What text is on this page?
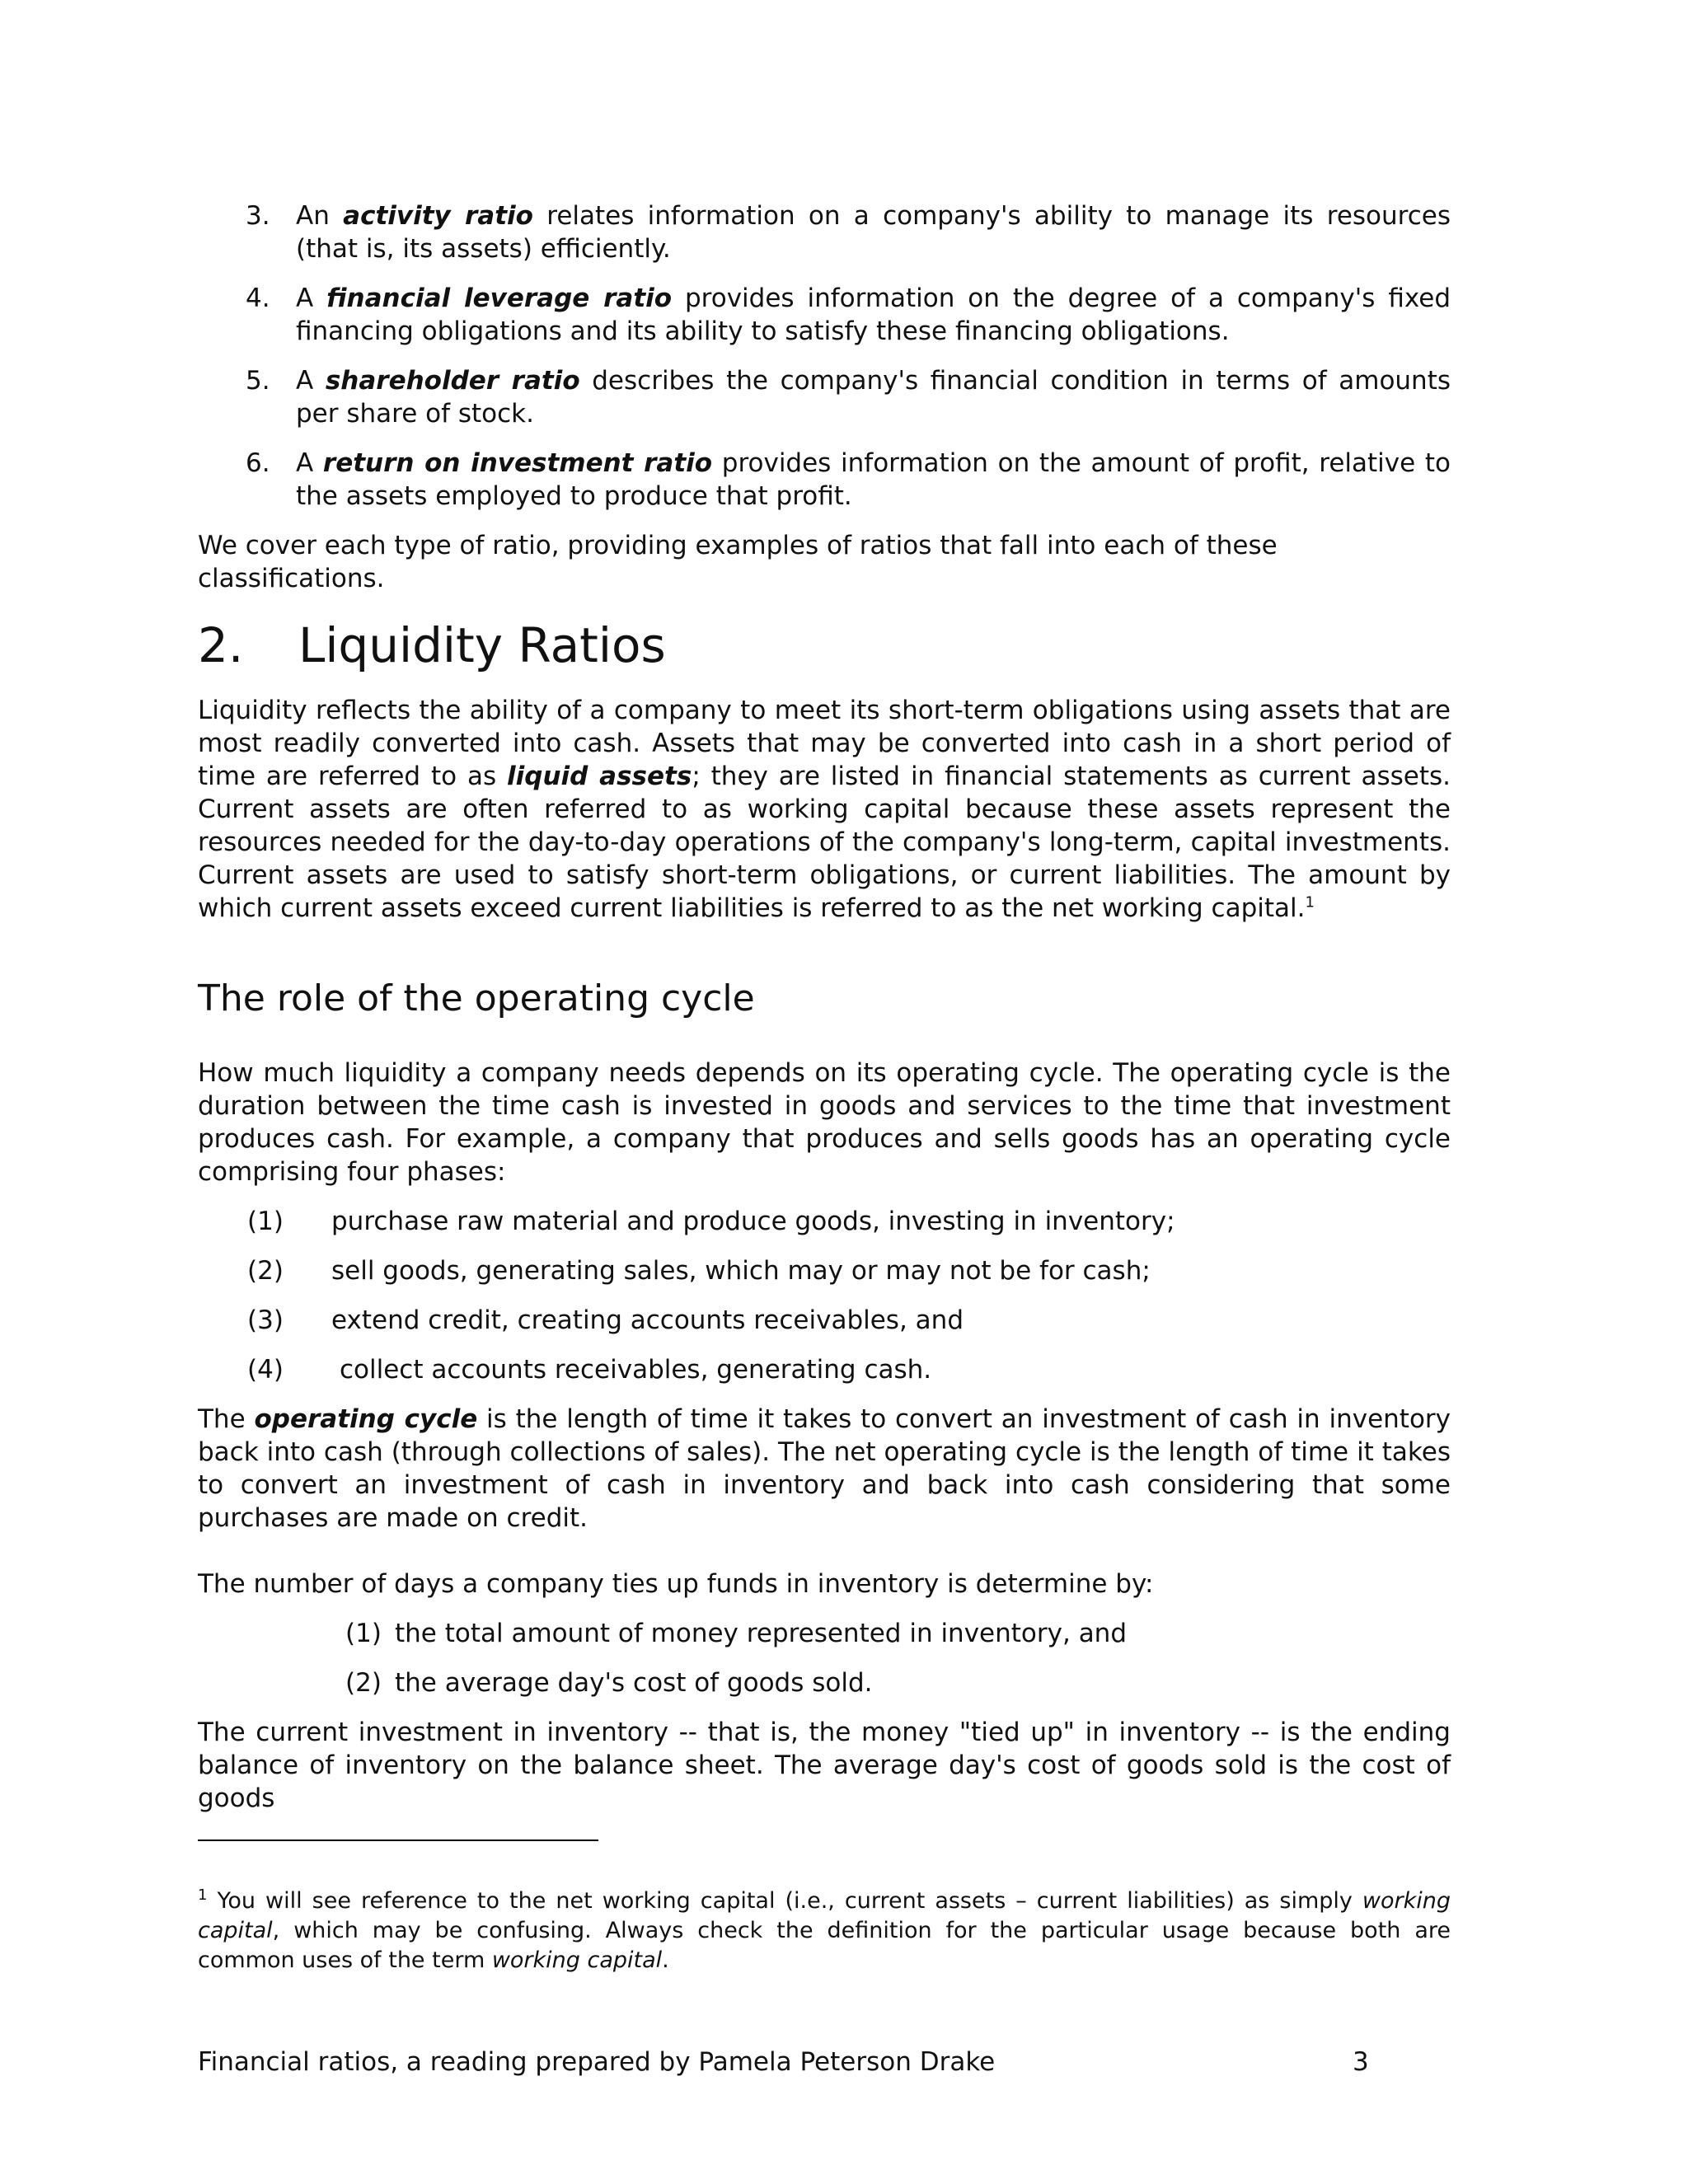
3. An activity ratio relates information on a company's ability to manage its resources (that is, its assets) efficiently.
4. A financial leverage ratio provides information on the degree of a company's fixed financing obligations and its ability to satisfy these financing obligations.
5. A shareholder ratio describes the company's financial condition in terms of amounts per share of stock.
6. A return on investment ratio provides information on the amount of profit, relative to the assets employed to produce that profit.
We cover each type of ratio, providing examples of ratios that fall into each of these classifications.
2. Liquidity Ratios
Liquidity reflects the ability of a company to meet its short-term obligations using assets that are most readily converted into cash. Assets that may be converted into cash in a short period of time are referred to as liquid assets; they are listed in financial statements as current assets. Current assets are often referred to as working capital because these assets represent the resources needed for the day-to-day operations of the company's long-term, capital investments. Current assets are used to satisfy short-term obligations, or current liabilities. The amount by which current assets exceed current liabilities is referred to as the net working capital.$^1$
The role of the operating cycle
How much liquidity a company needs depends on its operating cycle. The operating cycle is the duration between the time cash is invested in goods and services to the time that investment produces cash. For example, a company that produces and sells goods has an operating cycle comprising four phases:
(1) purchase raw material and produce goods, investing in inventory;
(2) sell goods, generating sales, which may or may not be for cash;
(3) extend credit, creating accounts receivables, and
(4) collect accounts receivables, generating cash.
The operating cycle is the length of time it takes to convert an investment of cash in inventory back into cash (through collections of sales). The net operating cycle is the length of time it takes to convert an investment of cash in inventory and back into cash considering that some purchases are made on credit.
The number of days a company ties up funds in inventory is determine by:
(1) the total amount of money represented in inventory, and
(2) the average day's cost of goods sold.
The current investment in inventory -- that is, the money "tied up" in inventory -- is the ending balance of inventory on the balance sheet. The average day's cost of goods sold is the cost of goods
$^1$ You will see reference to the net working capital (i.e., current assets – current liabilities) as simply working capital, which may be confusing. Always check the definition for the particular usage because both are common uses of the term working capital.
Financial ratios, a reading prepared by Pamela Peterson Drake	3
